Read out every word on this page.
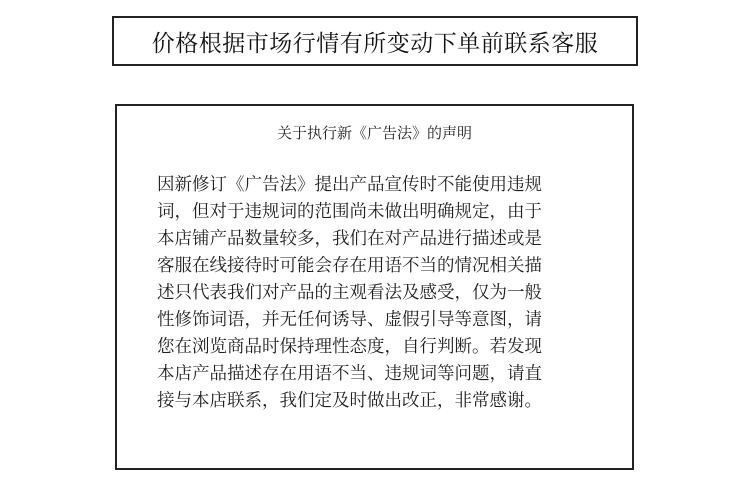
价格根据市场行情有所变动下单前联系客服
关于执行新《广告法》的声明
因新修订《广告法》提出产品宣传时不能使用违规
词，但对于违规词的范围尚未做出明确规定，由于
本店铺产品数量较多，我们在对产品进行描述或是
客服在线接待时可能会存在用语不当的情况相关描
述只代表我们对产品的主观看法及感受，仅为一般
性修饰词语，并无任何诱导、虚假引导等意图，请
您在浏览商品时保持理性态度，自行判断。若发现
本店产品描述存在用语不当、违规词等问题，请直
接与本店联系，我们定及时做出改正，非常感谢。
